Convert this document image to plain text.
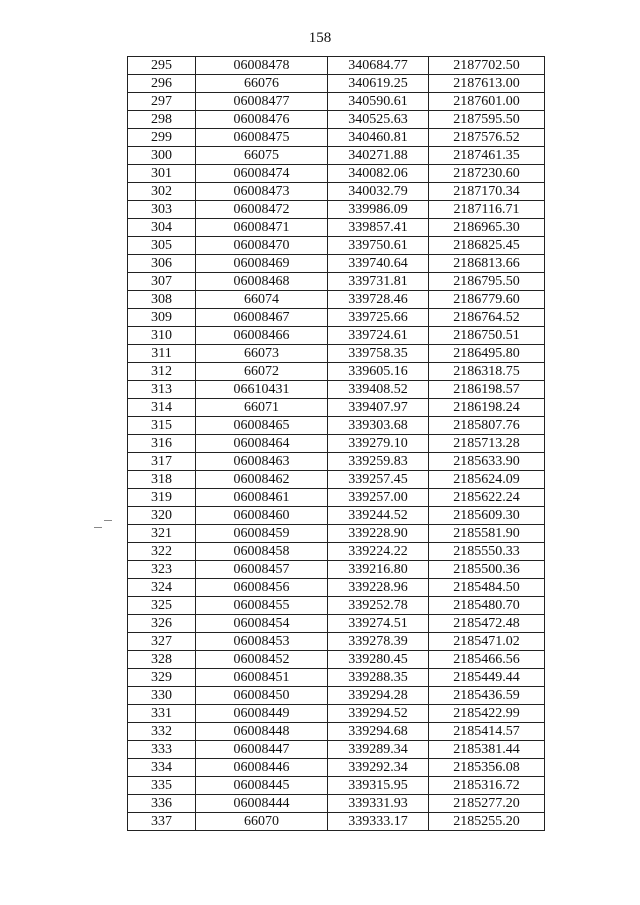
158
295	06008478	340684.77	2187702.50
296	66076	340619.25	2187613.00
297	06008477	340590.61	2187601.00
298	06008476	340525.63	2187595.50
299	06008475	340460.81	2187576.52
300	66075	340271.88	2187461.35
301	06008474	340082.06	2187230.60
302	06008473	340032.79	2187170.34
303	06008472	339986.09	2187116.71
304	06008471	339857.41	2186965.30
305	06008470	339750.61	2186825.45
306	06008469	339740.64	2186813.66
307	06008468	339731.81	2186795.50
308	66074	339728.46	2186779.60
309	06008467	339725.66	2186764.52
310	06008466	339724.61	2186750.51
311	66073	339758.35	2186495.80
312	66072	339605.16	2186318.75
313	06610431	339408.52	2186198.57
314	66071	339407.97	2186198.24
315	06008465	339303.68	2185807.76
316	06008464	339279.10	2185713.28
317	06008463	339259.83	2185633.90
318	06008462	339257.45	2185624.09
319	06008461	339257.00	2185622.24
320	06008460	339244.52	2185609.30
321	06008459	339228.90	2185581.90
322	06008458	339224.22	2185550.33
323	06008457	339216.80	2185500.36
324	06008456	339228.96	2185484.50
325	06008455	339252.78	2185480.70
326	06008454	339274.51	2185472.48
327	06008453	339278.39	2185471.02
328	06008452	339280.45	2185466.56
329	06008451	339288.35	2185449.44
330	06008450	339294.28	2185436.59
331	06008449	339294.52	2185422.99
332	06008448	339294.68	2185414.57
333	06008447	339289.34	2185381.44
334	06008446	339292.34	2185356.08
335	06008445	339315.95	2185316.72
336	06008444	339331.93	2185277.20
337	66070	339333.17	2185255.20
